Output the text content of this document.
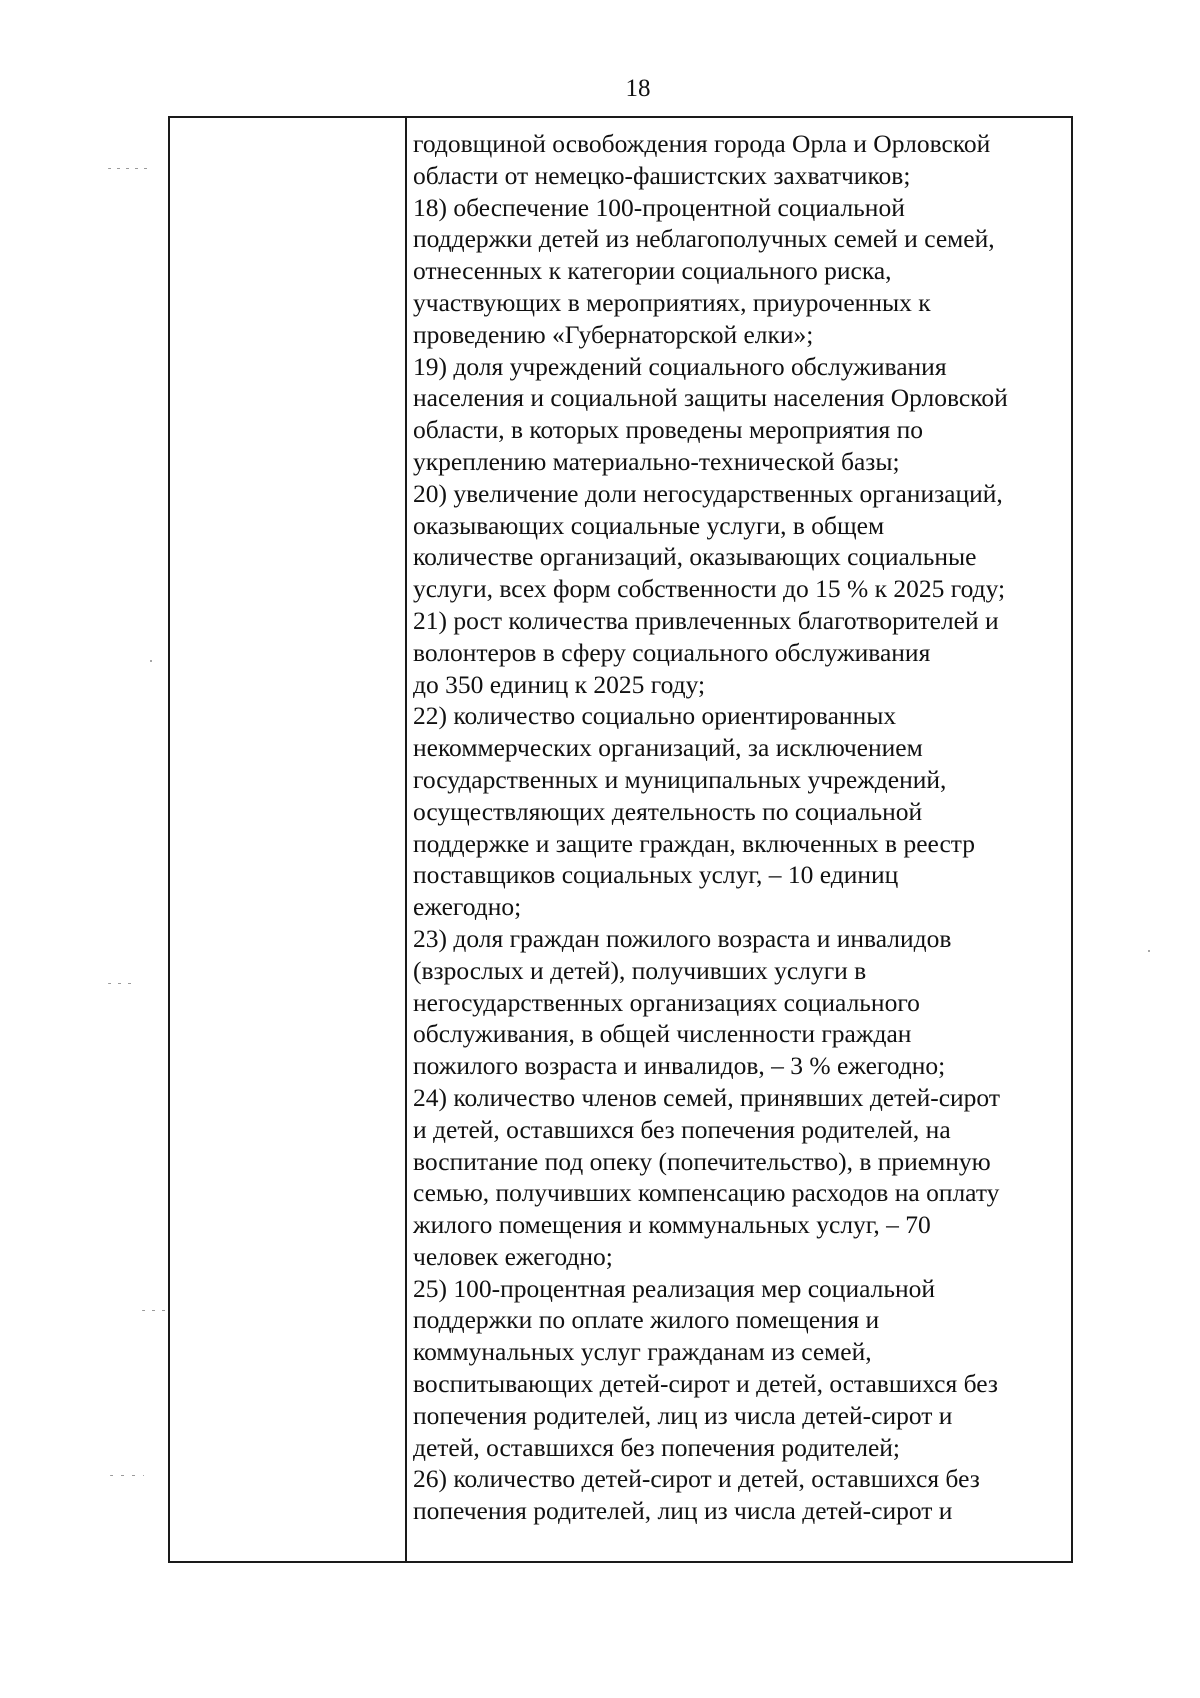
18
годовщиной освобождения города Орла и Орловской
области от немецко-фашистских захватчиков;
18) обеспечение 100-процентной социальной
поддержки детей из неблагополучных семей и семей,
отнесенных к категории социального риска,
участвующих в мероприятиях, приуроченных к
проведению «Губернаторской елки»;
19) доля учреждений социального обслуживания
населения и социальной защиты населения Орловской
области, в которых проведены мероприятия по
укреплению материально-технической базы;
20) увеличение доли негосударственных организаций,
оказывающих социальные услуги, в общем
количестве организаций, оказывающих социальные
услуги, всех форм собственности до 15 % к 2025 году;
21) рост количества привлеченных благотворителей и
волонтеров в сферу социального обслуживания
до 350 единиц к 2025 году;
22) количество социально ориентированных
некоммерческих организаций, за исключением
государственных и муниципальных учреждений,
осуществляющих деятельность по социальной
поддержке и защите граждан, включенных в реестр
поставщиков социальных услуг, – 10 единиц
ежегодно;
23) доля граждан пожилого возраста и инвалидов
(взрослых и детей), получивших услуги в
негосударственных организациях социального
обслуживания, в общей численности граждан
пожилого возраста и инвалидов, – 3 % ежегодно;
24) количество членов семей, принявших детей-сирот
и детей, оставшихся без попечения родителей, на
воспитание под опеку (попечительство), в приемную
семью, получивших компенсацию расходов на оплату
жилого помещения и коммунальных услуг, – 70
человек ежегодно;
25) 100-процентная реализация мер социальной
поддержки по оплате жилого помещения и
коммунальных услуг гражданам из семей,
воспитывающих детей-сирот и детей, оставшихся без
попечения родителей, лиц из числа детей-сирот и
детей, оставшихся без попечения родителей;
26) количество детей-сирот и детей, оставшихся без
попечения родителей, лиц из числа детей-сирот и
